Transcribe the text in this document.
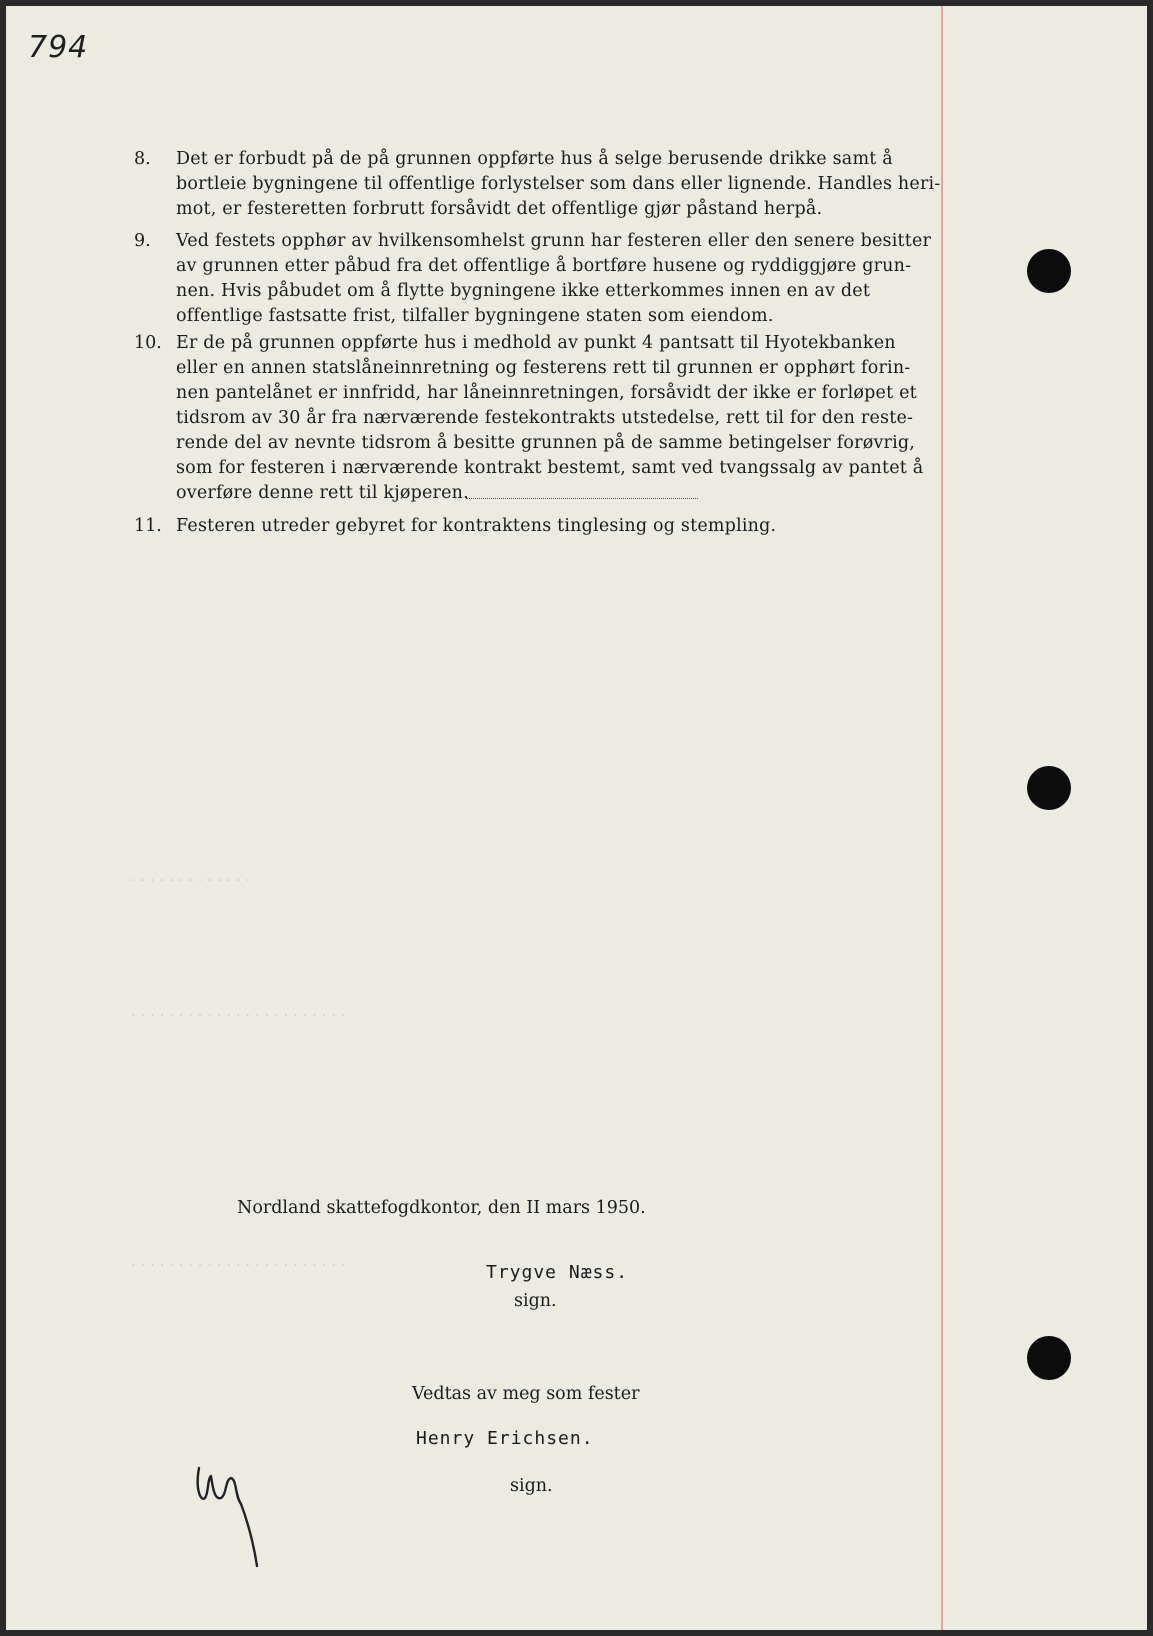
794
· · · · · · · · · · · · ·
· · · · · · · · · · · · · · · · · · · · · · ·
· · · · · · · · · · · · · · · · · · · · · · ·
8. Det er forbudt på de på grunnen oppførte hus å selge berusende drikke samt å
bortleie bygningene til offentlige forlystelser som dans eller lignende. Handles heri-
mot, er festeretten forbrutt forsåvidt det offentlige gjør påstand herpå.
9. Ved festets opphør av hvilkensomhelst grunn har festeren eller den senere besitter
av grunnen etter påbud fra det offentlige å bortføre husene og ryddiggjøre grun-
nen. Hvis påbudet om å flytte bygningene ikke etterkommes innen en av det
offentlige fastsatte frist, tilfaller bygningene staten som eiendom.
10. Er de på grunnen oppførte hus i medhold av punkt 4 pantsatt til Hyotekbanken
eller en annen statslåneinnretning og festerens rett til grunnen er opphørt forin-
nen pantelånet er innfridd, har låneinnretningen, forsåvidt der ikke er forløpet et
tidsrom av 30 år fra nærværende festekontrakts utstedelse, rett til for den reste-
rende del av nevnte tidsrom å besitte grunnen på de samme betingelser forøvrig,
som for festeren i nærværende kontrakt bestemt, samt ved tvangssalg av pantet å
overføre denne rett til kjøperen.
11. Festeren utreder gebyret for kontraktens tinglesing og stempling.
Nordland skattefogdkontor, den II mars 1950.
Trygve Næss.
sign.
Vedtas av meg som fester
Henry Erichsen.
sign.
